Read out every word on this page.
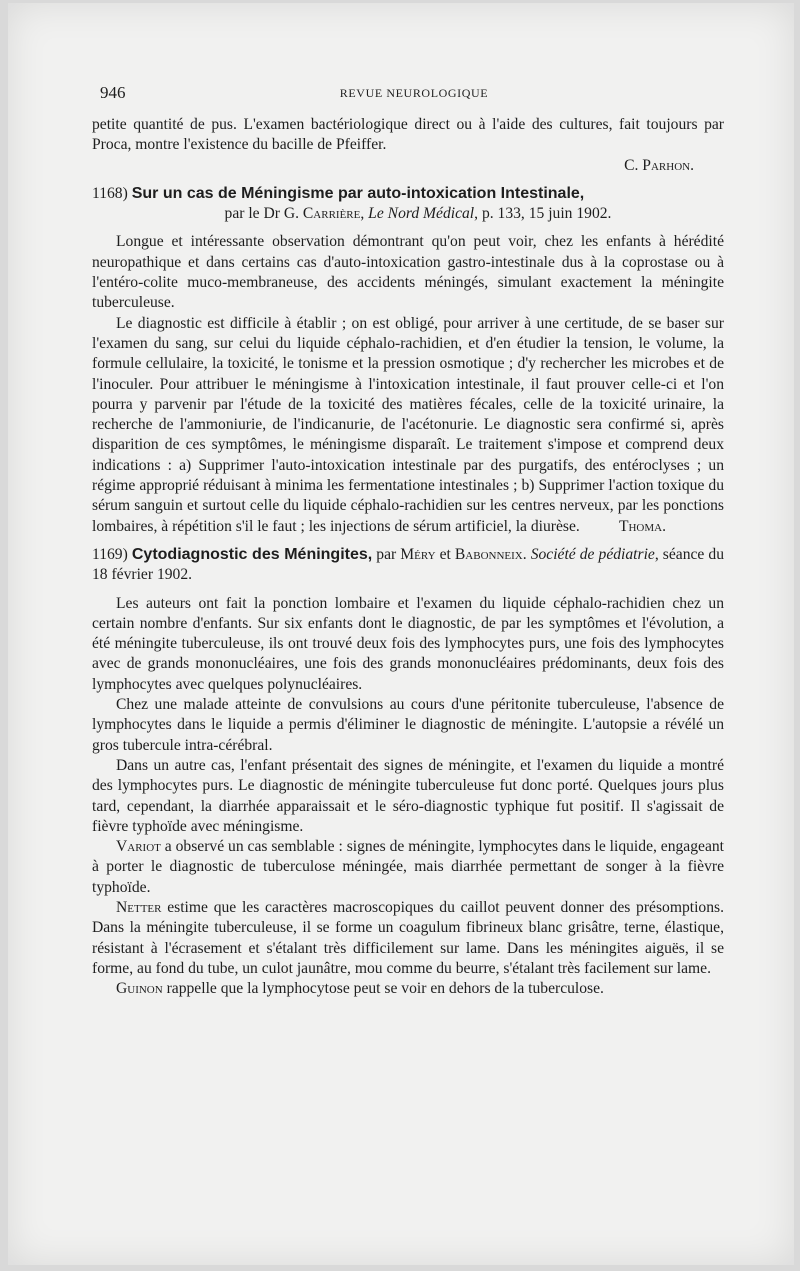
946	REVUE NEUROLOGIQUE

petite quantité de pus. L'examen bactériologique direct ou à l'aide des cultures, fait toujours par Proca, montre l'existence du bacille de Pfeiffer.

C. Parhon.

1168) Sur un cas de Méningisme par auto-intoxication Intestinale,

par le Dr G. Carrière, Le Nord Médical, p. 133, 15 juin 1902.

Longue et intéressante observation démontrant qu'on peut voir, chez les enfants à hérédité neuropathique et dans certains cas d'auto-intoxication gastro-intestinale dus à la coprostase ou à l'entéro-colite muco-membraneuse, des accidents méningés, simulant exactement la méningite tuberculeuse.

Le diagnostic est difficile à établir ; on est obligé, pour arriver à une certitude, de se baser sur l'examen du sang, sur celui du liquide céphalo-rachidien, et d'en étudier la tension, le volume, la formule cellulaire, la toxicité, le tonisme et la pression osmotique ; d'y rechercher les microbes et de l'inoculer. Pour attribuer le méningisme à l'intoxication intestinale, il faut prouver celle-ci et l'on pourra y parvenir par l'étude de la toxicité des matières fécales, celle de la toxicité urinaire, la recherche de l'ammoniurie, de l'indicanurie, de l'acétonurie. Le diagnostic sera confirmé si, après disparition de ces symptômes, le méningisme disparaît. Le traitement s'impose et comprend deux indications : a) Supprimer l'auto-intoxication intestinale par des purgatifs, des entéroclyses ; un régime approprié réduisant à minima les fermentatione intestinales ; b) Supprimer l'action toxique du sérum sanguin et surtout celle du liquide céphalo-rachidien sur les centres nerveux, par les ponctions lombaires, à répétition s'il le faut ; les injections de sérum artificiel, la diurèse.	Thoma.

1169) Cytodiagnostic des Méningites, par Méry et Babonneix. Société de pédiatrie, séance du 18 février 1902.

Les auteurs ont fait la ponction lombaire et l'examen du liquide céphalo-rachidien chez un certain nombre d'enfants. Sur six enfants dont le diagnostic, de par les symptômes et l'évolution, a été méningite tuberculeuse, ils ont trouvé deux fois des lymphocytes purs, une fois des lymphocytes avec de grands mononucléaires, une fois des grands mononucléaires prédominants, deux fois des lymphocytes avec quelques polynucléaires.

Chez une malade atteinte de convulsions au cours d'une péritonite tuberculeuse, l'absence de lymphocytes dans le liquide a permis d'éliminer le diagnostic de méningite. L'autopsie a révélé un gros tubercule intra-cérébral.

Dans un autre cas, l'enfant présentait des signes de méningite, et l'examen du liquide a montré des lymphocytes purs. Le diagnostic de méningite tuberculeuse fut donc porté. Quelques jours plus tard, cependant, la diarrhée apparaissait et le séro-diagnostic typhique fut positif. Il s'agissait de fièvre typhoïde avec méningisme.

Variot a observé un cas semblable : signes de méningite, lymphocytes dans le liquide, engageant à porter le diagnostic de tuberculose méningée, mais diarrhée permettant de songer à la fièvre typhoïde.

Netter estime que les caractères macroscopiques du caillot peuvent donner des présomptions. Dans la méningite tuberculeuse, il se forme un coagulum fibrineux blanc grisâtre, terne, élastique, résistant à l'écrasement et s'étalant très difficilement sur lame. Dans les méningites aiguës, il se forme, au fond du tube, un culot jaunâtre, mou comme du beurre, s'étalant très facilement sur lame.

Guinon rappelle que la lymphocytose peut se voir en dehors de la tuberculose.
